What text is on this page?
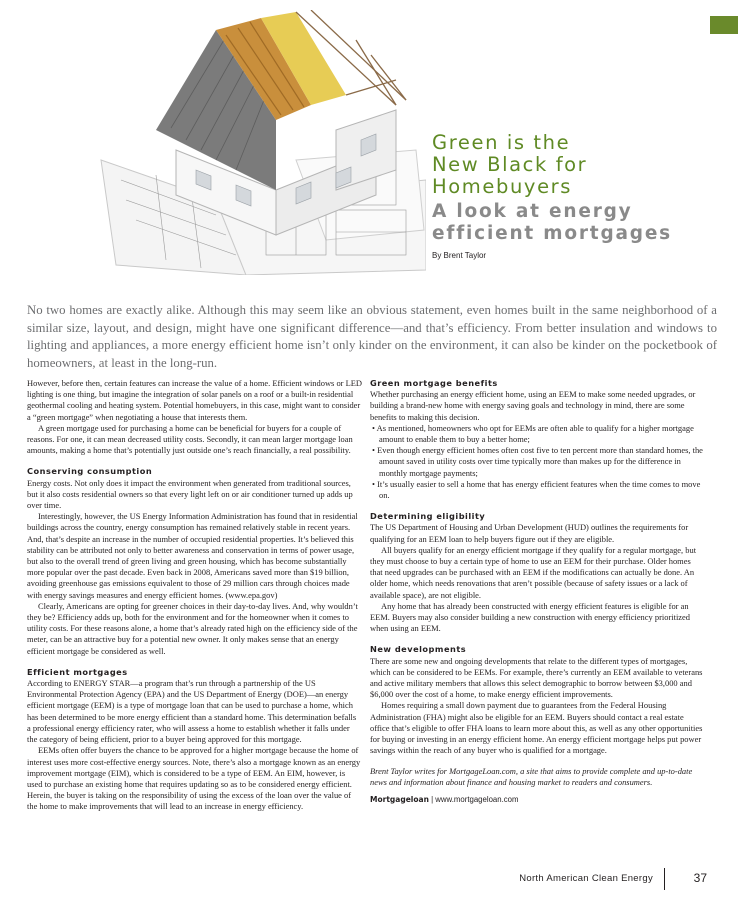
Green is the
New Black for
Homebuyers
A look at energy
efficient mortgages
By Brent Taylor
No two homes are exactly alike. Although this may seem like an obvious statement, even homes built in the same neighborhood of a similar size, layout, and design, might have one significant difference—and that’s efficiency. From better insulation and windows to lighting and appliances, a more energy efficient home isn’t only kinder on the environment, it can also be kinder on the pocketbook of homeowners, at least in the long-run.

However, before then, certain features can increase the value of a home. Efficient windows or LED lighting is one thing, but imagine the integration of solar panels on a roof or a built-in residential geothermal cooling and heating system. Potential homebuyers, in this case, might want to consider a “green mortgage” when negotiating a house that interests them.

A green mortgage used for purchasing a home can be beneficial for buyers for a couple of reasons. For one, it can mean decreased utility costs. Secondly, it can mean larger mortgage loan amounts, making a home that’s potentially just outside one’s reach financially, a real possibility.

Conserving consumption

Energy costs. Not only does it impact the environment when generated from traditional sources, but it also costs residential owners so that every light left on or air conditioner turned up adds up over time.

Interestingly, however, the US Energy Information Administration has found that in residential buildings across the country, energy consumption has remained relatively stable in recent years. And, that’s despite an increase in the number of occupied residential properties. It’s believed this stability can be attributed not only to better awareness and conservation in terms of power usage, but also to the overall trend of green living and green housing, which has become substantially more popular over the past decade. Even back in 2008, Americans saved more than $19 billion, avoiding greenhouse gas emissions equivalent to those of 29 million cars through choices made with energy savings measures and energy efficient homes. (www.epa.gov)

Clearly, Americans are opting for greener choices in their day-to-day lives. And, why wouldn’t they be? Efficiency adds up, both for the environment and for the homeowner when it comes to utility costs. For these reasons alone, a home that’s already rated high on the efficiency side of the meter, can be an attractive buy for a potential new owner. It only makes sense that an energy efficient mortgage be considered as well.

Efficient mortgages

According to ENERGY STAR—a program that’s run through a partnership of the US Environmental Protection Agency (EPA) and the US Department of Energy (DOE)—an energy efficient mortgage (EEM) is a type of mortgage loan that can be used to purchase a home, which has been determined to be more energy efficient than a standard home. This determination befalls a professional energy efficiency rater, who will assess a home to establish whether it falls under the category of being efficient, prior to a buyer being approved for this mortgage.

EEMs often offer buyers the chance to be approved for a higher mortgage because the home of interest uses more cost-effective energy sources. Note, there’s also a mortgage known as an energy improvement mortgage (EIM), which is considered to be a type of EEM. An EIM, however, is used to purchase an existing home that requires updating so as to be considered energy efficient. Herein, the buyer is taking on the responsibility of using the excess of the loan over the value of the home to make improvements that will lead to an increase in energy efficiency.

Green mortgage benefits

Whether purchasing an energy efficient home, using an EEM to make some needed upgrades, or building a brand-new home with energy saving goals and technology in mind, there are some benefits to making this decision.

• As mentioned, homeowners who opt for EEMs are often able to qualify for a higher mortgage amount to enable them to buy a better home;
• Even though energy efficient homes often cost five to ten percent more than standard homes, the amount saved in utility costs over time typically more than makes up for the difference in monthly mortgage payments;
• It’s usually easier to sell a home that has energy efficient features when the time comes to move on.
Determining eligibility

The US Department of Housing and Urban Development (HUD) outlines the requirements for qualifying for an EEM loan to help buyers figure out if they are eligible.

All buyers qualify for an energy efficient mortgage if they qualify for a regular mortgage, but they must choose to buy a certain type of home to use an EEM for their purchase. Older homes that need upgrades can be purchased with an EEM if the modifications can actually be done. An older home, which needs renovations that aren’t possible (because of safety issues or a lack of available space), are not eligible.

Any home that has already been constructed with energy efficient features is eligible for an EEM. Buyers may also consider building a new construction with energy efficiency prioritized when using an EEM.

New developments

There are some new and ongoing developments that relate to the different types of mortgages, which can be considered to be EEMs. For example, there’s currently an EEM available to veterans and active military members that allows this select demographic to borrow between $3,000 and $6,000 over the cost of a home, to make energy efficient improvements.

Homes requiring a small down payment due to guarantees from the Federal Housing Administration (FHA) might also be eligible for an EEM. Buyers should contact a real estate office that’s eligible to offer FHA loans to learn more about this, as well as any other opportunities for buying or investing in an energy efficient home. An energy efficient mortgage helps put power savings within the reach of any buyer who is qualified for a mortgage.

Brent Taylor writes for MortgageLoan.com, a site that aims to provide complete and up-to-date news and information about finance and housing market to readers and consumers.

Mortgageloan | www.mortgageloan.com

North American Clean Energy	37
